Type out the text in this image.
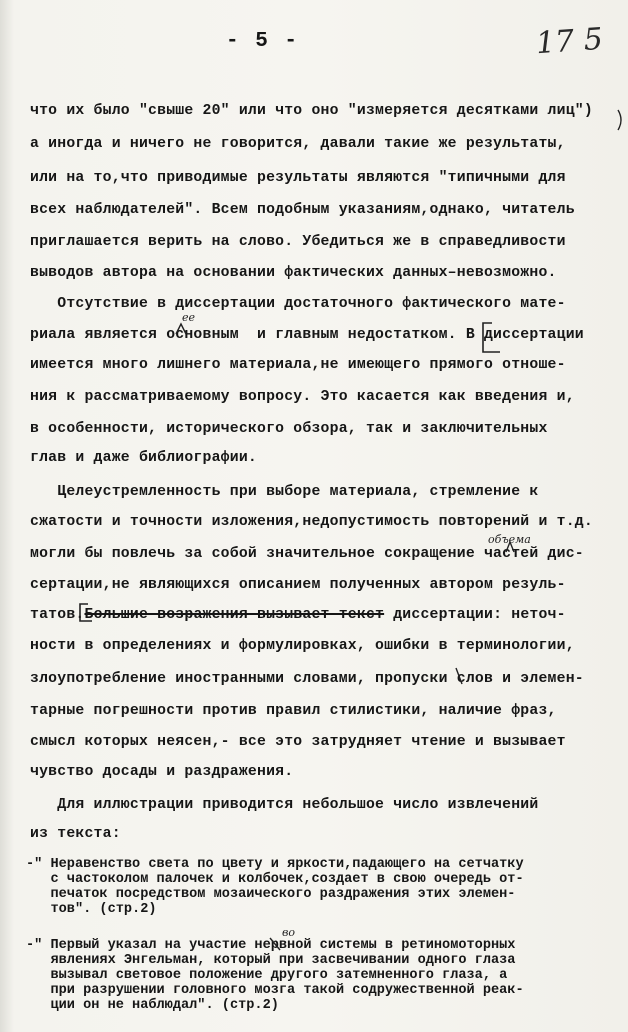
- 5 -	17 5
что их было "свыше 20" или что оно "измеряется десятками лиц")
а иногда и ничего не говорится, давали такие же результаты,
или на то,что приводимые результаты являются "типичными для
всех наблюдателей". Всем подобным указаниям,однако, читатель
приглашается верить на слово. Убедиться же в справедливости
выводов автора на основании фактических данных–невозможно.
Отсутствие в диссертации достаточного фактического мате-
ее
риала является основным  и главным недостатком. В диссертации
имеется много лишнего материала,не имеющего прямого отноше-
ния к рассматриваемому вопросу. Это касается как введения и,
в особенности, исторического обзора, так и заключительных
глав и даже библиографии.
Целеустремленность при выборе материала, стремление к
сжатости и точности изложения,недопустимость повторений и т.д.
объема
могли бы повлечь за собой значительное сокращение частей дис-
сертации,не являющихся описанием полученных автором резуль-
татов.Большие возражения вызывает текст диссертации: неточ-
ности в определениях и формулировках, ошибки в терминологии,
злоупотребление иностранными словами, пропуски слов и элемен-
тарные погрешности против правил стилистики, наличие фраз,
смысл которых неясен,- все это затрудняет чтение и вызывает
чувство досады и раздражения.
Для иллюстрации приводится небольшое число извлечений
из текста:
-" Неравенство света по цвету и яркости,падающего на сетчатку
с частоколом палочек и колбочек,создает в свою очередь от-
печаток посредством мозаического раздражения этих элемен-
тов". (стр.2)
во
-" Первый указал на участие нервной системы в ретиномоторных
явлениях Энгельман, который при засвечивании одного глаза
вызывал световое положение другого затемненного глаза, а
при разрушении головного мозга такой содружественной реак-
ции он не наблюдал". (стр.2)
